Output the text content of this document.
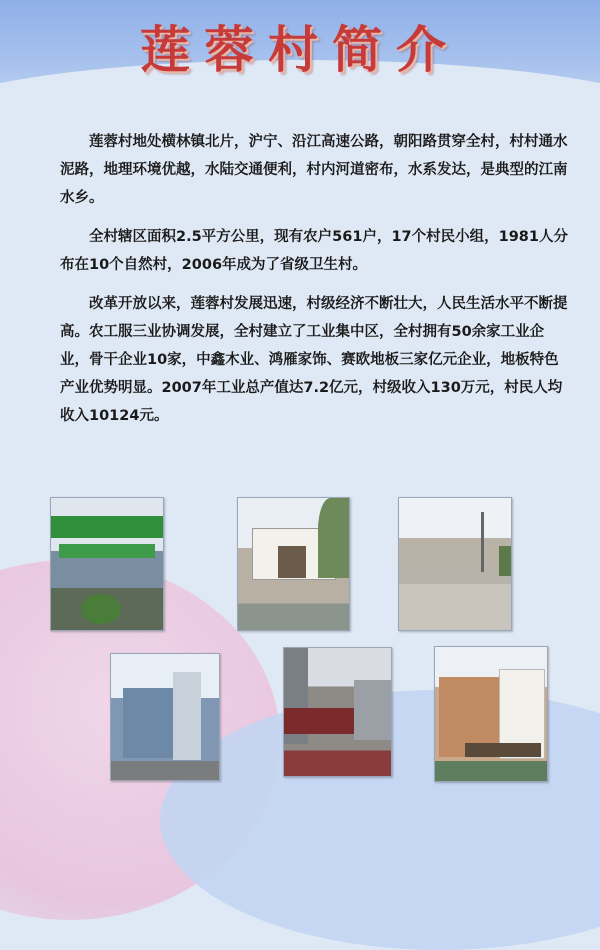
莲蓉村简介

莲蓉村地处横林镇北片，沪宁、沿江高速公路，朝阳路贯穿全村，村村通水泥路，地理环境优越，水陆交通便利，村内河道密布，水系发达，是典型的江南水乡。

全村辖区面积2.5平方公里，现有农户561户，17个村民小组，1981人分布在10个自然村，2006年成为了省级卫生村。

改革开放以来，莲蓉村发展迅速，村级经济不断壮大，人民生活水平不断提高。农工服三业协调发展，全村建立了工业集中区，全村拥有50余家工业企业，骨干企业10家，中鑫木业、鸿雁家饰、赛欧地板三家亿元企业，地板特色产业优势明显。2007年工业总产值达7.2亿元，村级收入130万元，村民人均收入10124元。
